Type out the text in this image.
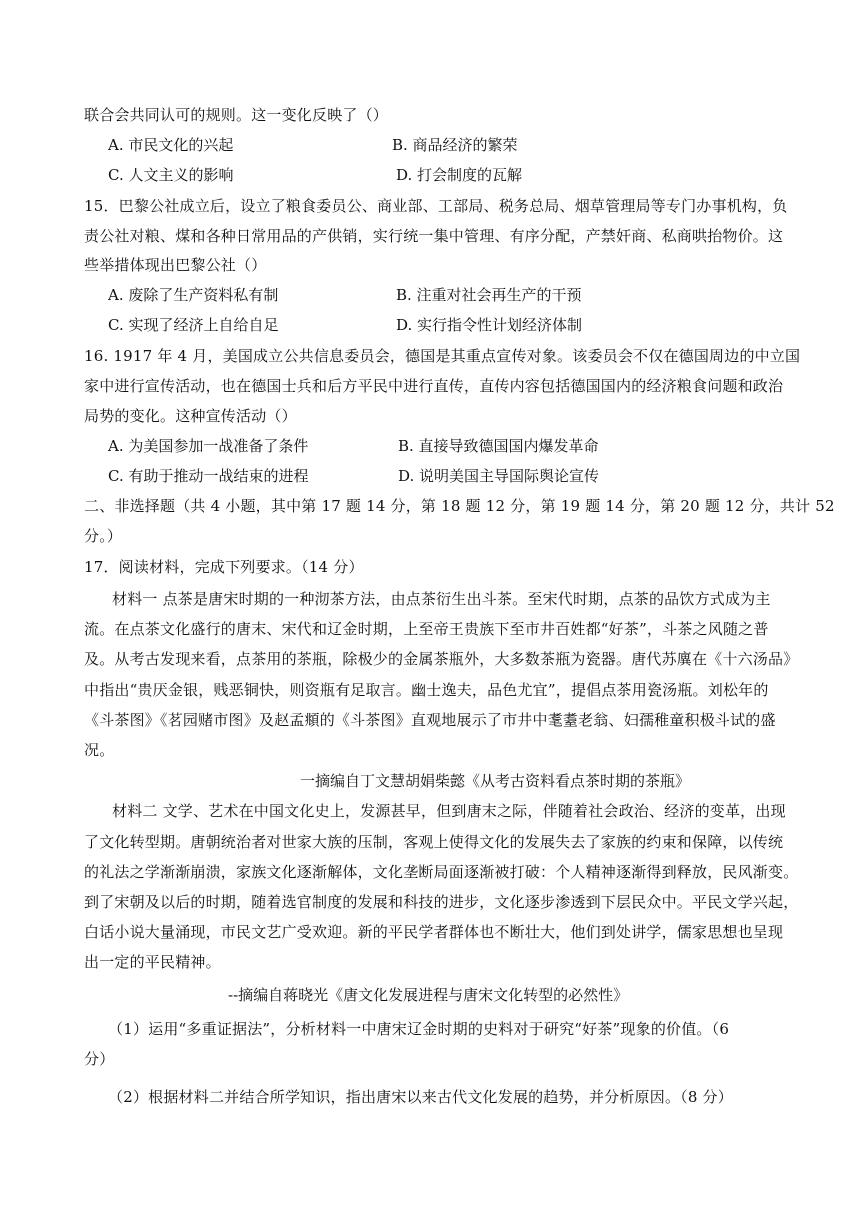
联合会共同认可的规则。这一变化反映了（）
A. 市民文化的兴起	B. 商品经济的繁荣
C. 人文主义的影响	D. 打会制度的瓦解
15．巴黎公社成立后，设立了粮食委员公、商业部、工部局、税务总局、烟草管理局等专门办事机构，负
责公社对粮、煤和各种日常用品的产供销，实行统一集中管理、有序分配，产禁奸商、私商哄抬物价。这
些举措体现出巴黎公社（）
A. 废除了生产资料私有制	B. 注重对社会再生产的干预
C. 实现了经济上自给自足	D. 实行指令性计划经济体制
16. 1917 年 4 月，美国成立公共信息委员会，德国是其重点宣传对象。该委员会不仅在德国周边的中立国
家中进行宣传活动，也在德国士兵和后方平民中进行直传，直传内容包括德国国内的经济粮食问题和政治
局势的变化。这种宣传活动（）
A. 为美国参加一战准备了条件	B. 直接导致德国国内爆发革命
C. 有助于推动一战结束的进程	D. 说明美国主导国际舆论宣传
二、非选择题（共 4 小题，其中第 17 题 14 分，第 18 题 12 分，第 19 题 14 分，第 20 题 12 分，共计 52
分。）
17．阅读材料，完成下列要求。（14 分）
材料一 点茶是唐宋时期的一种沏茶方法，由点茶衍生出斗茶。至宋代时期，点茶的品饮方式成为主
流。在点茶文化盛行的唐末、宋代和辽金时期，上至帝王贵族下至市井百姓都“好茶”，斗茶之风随之普
及。从考古发现来看，点茶用的茶瓶，除极少的金属茶瓶外，大多数茶瓶为瓷器。唐代苏廙在《十六汤品》
中指出“贵厌金银，贱恶铜快，则资瓶有足取言。幽士逸夫，品色尤宜”，提倡点茶用瓷汤瓶。刘松年的
《斗茶图》《茗园赌市图》及赵孟頫的《斗茶图》直观地展示了市井中耄耋老翁、妇孺稚童积极斗试的盛
况。
一摘编自丁文慧胡娟柴懿《从考古资料看点茶时期的茶瓶》
材料二 文学、艺术在中国文化史上，发源甚早，但到唐末之际，伴随着社会政治、经济的变革，出现
了文化转型期。唐朝统治者对世家大族的压制，客观上使得文化的发展失去了家族的约束和保障，以传统
的礼法之学渐渐崩溃，家族文化逐渐解体，文化垄断局面逐渐被打破：个人精神逐渐得到释放，民风渐变。
到了宋朝及以后的时期，随着选官制度的发展和科技的进步，文化逐步渗透到下层民众中。平民文学兴起，
白话小说大量涌现，市民文艺广受欢迎。新的平民学者群体也不断壮大，他们到处讲学，儒家思想也呈现
出一定的平民精神。
--摘编自蒋晓光《唐文化发展进程与唐宋文化转型的必然性》
（1）运用“多重证据法”，分析材料一中唐宋辽金时期的史料对于研究“好茶”现象的价值。（6
分）
（2）根据材料二并结合所学知识，指出唐宋以来古代文化发展的趋势，并分析原因。（8 分）
